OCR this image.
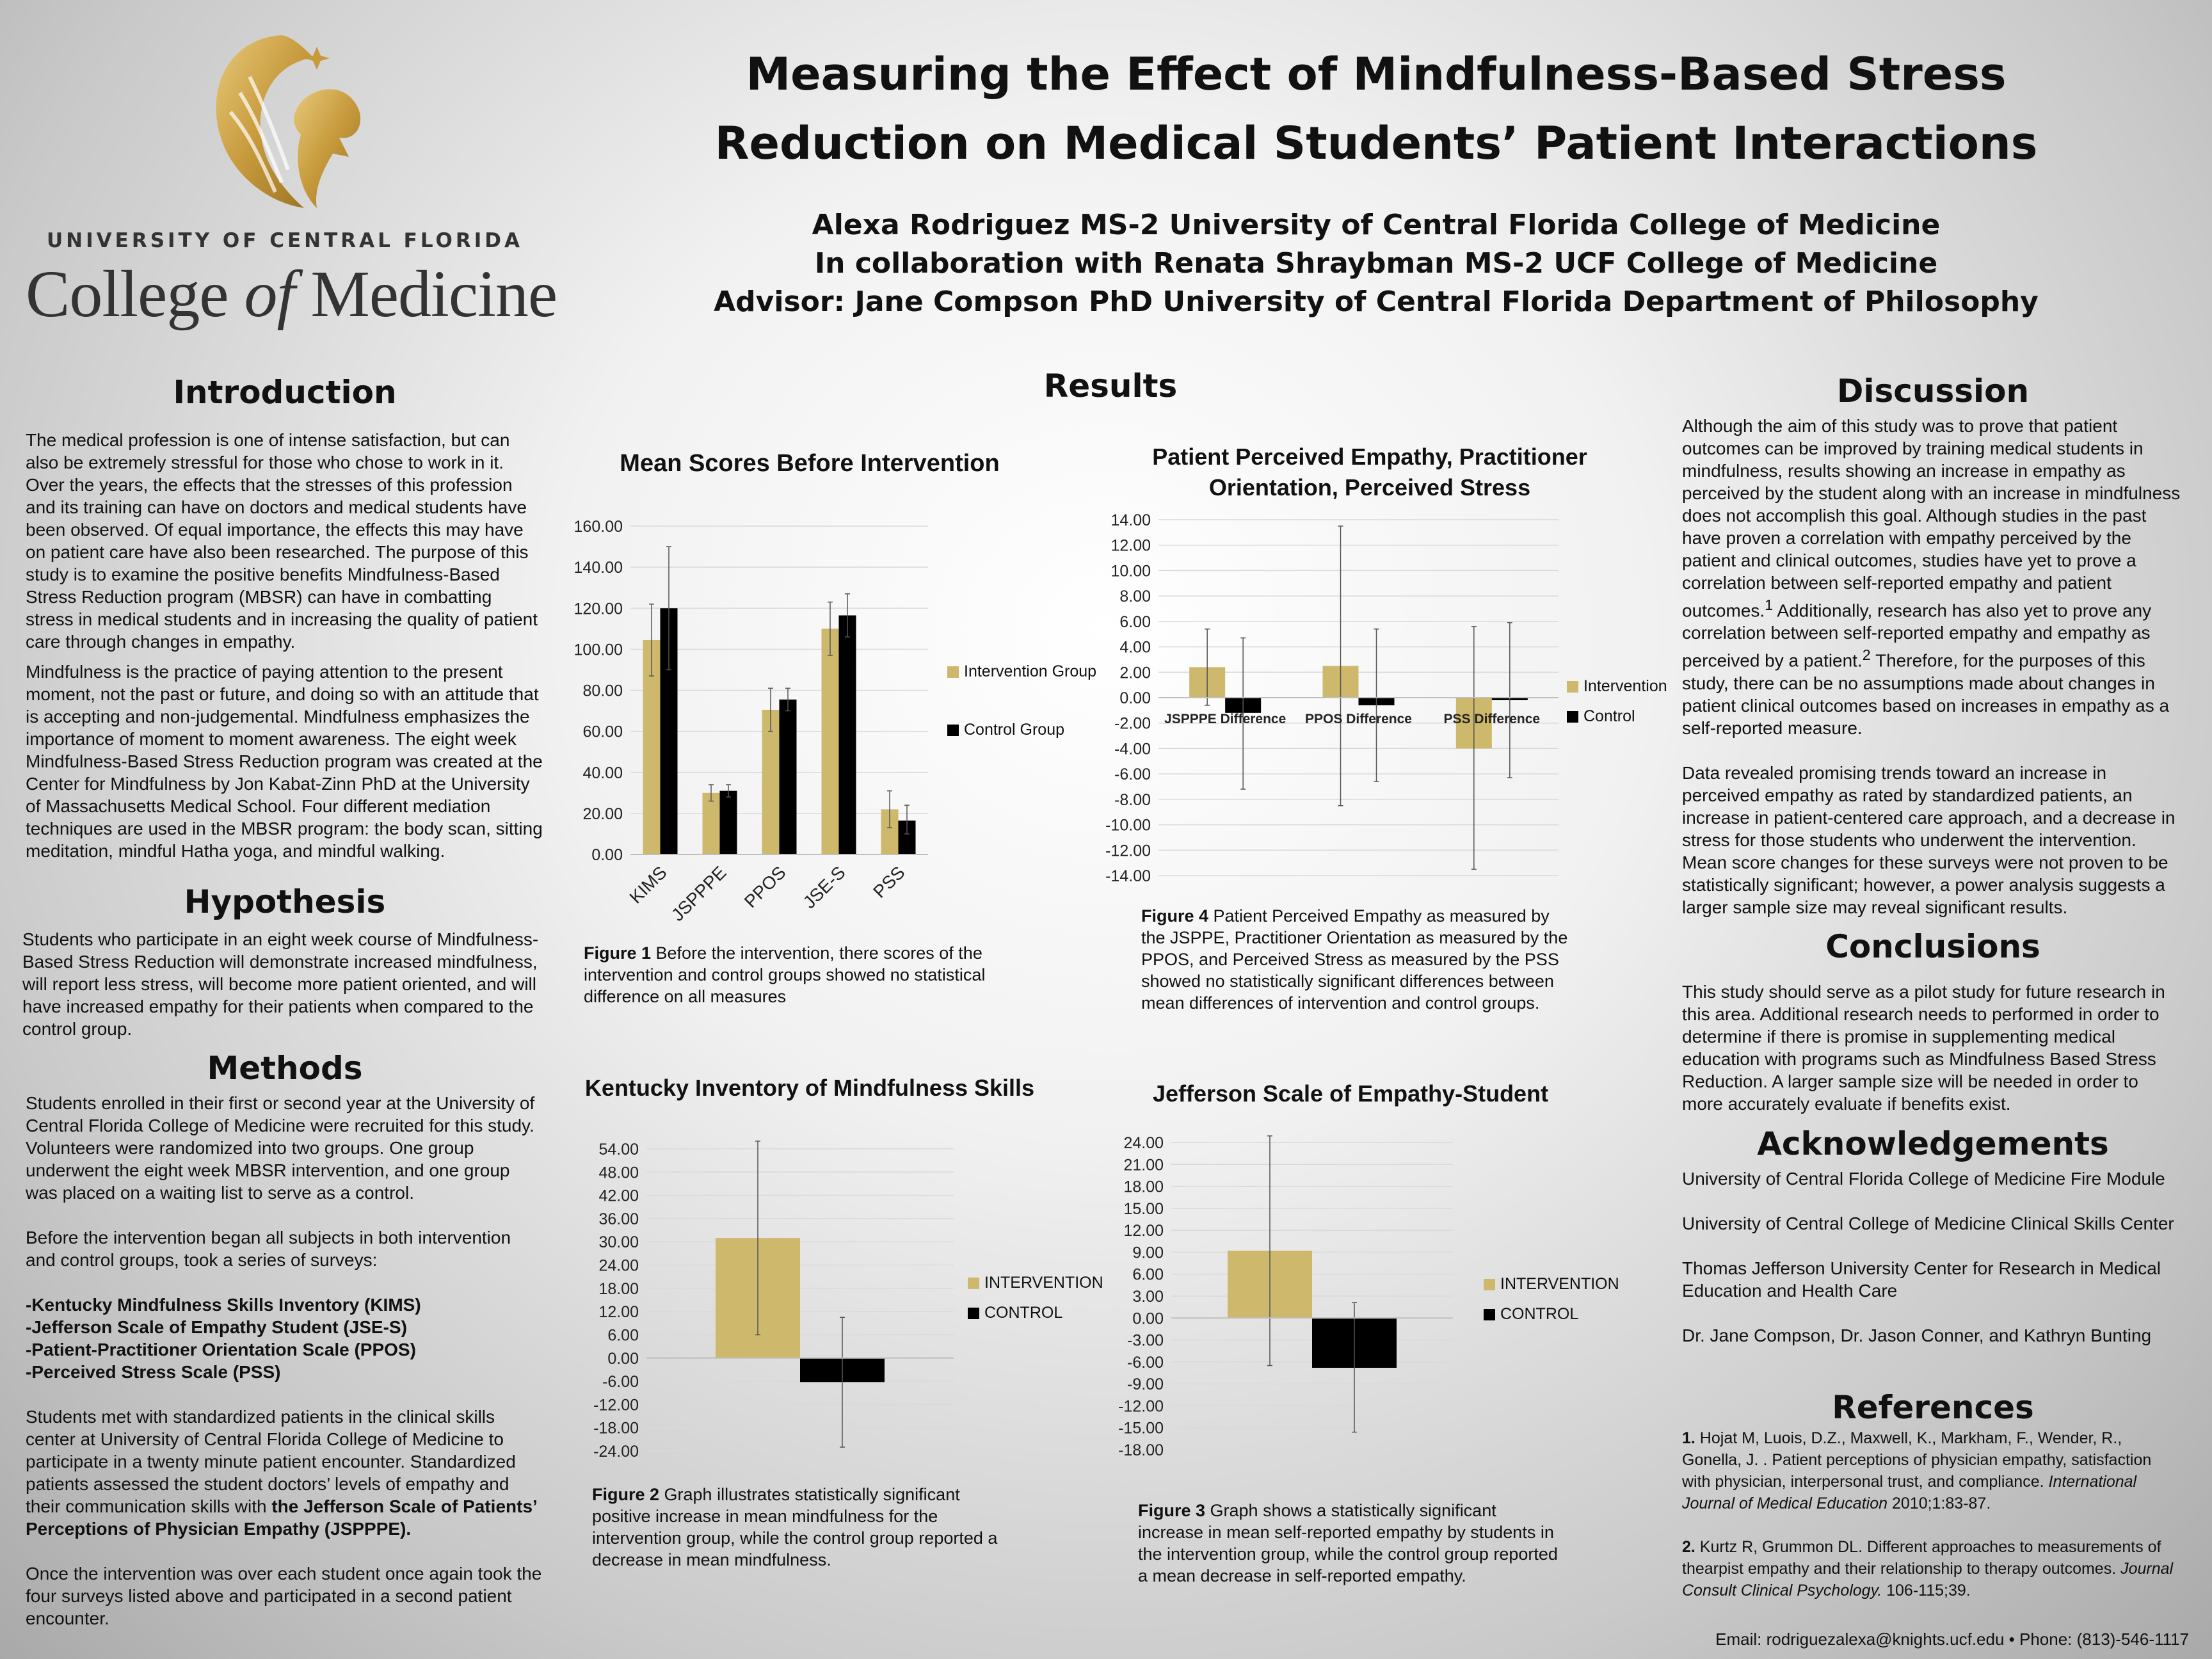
UNIVERSITY OF CENTRAL FLORIDA
College of Medicine
Measuring the Effect of Mindfulness-Based Stress
Reduction on Medical Students’ Patient Interactions
Alexa Rodriguez MS-2 University of Central Florida College of Medicine
In collaboration with Renata Shraybman MS-2 UCF College of Medicine
Advisor: Jane Compson PhD University of Central Florida Department of Philosophy
Introduction

The medical profession is one of intense satisfaction, but can also be extremely stressful for those who chose to work in it. Over the years, the effects that the stresses of this profession and its training can have on doctors and medical students have been observed. Of equal importance, the effects this may have on patient care have also been researched. The purpose of this study is to examine the positive benefits Mindfulness-Based Stress Reduction program (MBSR) can have in combatting stress in medical students and in increasing the quality of patient care through changes in empathy.

Mindfulness is the practice of paying attention to the present moment, not the past or future, and doing so with an attitude that is accepting and non-judgemental. Mindfulness emphasizes the importance of moment to moment awareness. The eight week Mindfulness-Based Stress Reduction program was created at the Center for Mindfulness by Jon Kabat-Zinn PhD at the University of Massachusetts Medical School. Four different mediation techniques are used in the MBSR program: the body scan, sitting meditation, mindful Hatha yoga, and mindful walking.

Hypothesis

Students who participate in an eight week course of Mindfulness-Based Stress Reduction will demonstrate increased mindfulness, will report less stress, will become more patient oriented, and will have increased empathy for their patients when compared to the control group.

Methods

Students enrolled in their first or second year at the University of Central Florida College of Medicine were recruited for this study. Volunteers were randomized into two groups. One group underwent the eight week MBSR intervention, and one group was placed on a waiting list to serve as a control.

Before the intervention began all subjects in both intervention and control groups, took a series of surveys:

-Kentucky Mindfulness Skills Inventory (KIMS)
-Jefferson Scale of Empathy Student (JSE-S)
-Patient-Practitioner Orientation Scale (PPOS)
-Perceived Stress Scale (PSS)

Students met with standardized patients in the clinical skills center at University of Central Florida College of Medicine to participate in a twenty minute patient encounter. Standardized patients assessed the student doctors’ levels of empathy and their communication skills with the Jefferson Scale of Patients’ Perceptions of Physician Empathy (JSPPPE).

Once the intervention was over each student once again took the four surveys listed above and participated in a second patient encounter.

Results
Mean Scores Before Intervention
160.00
140.00
120.00
100.00
80.00
60.00
40.00
20.00
0.00
KIMS
JSPPPE PPOS JSE-S PSS
Intervention Group
Control Group
Figure 1 Before the intervention, there scores of the intervention and control groups showed no statistical difference on all measures
Patient Perceived Empathy, Practitioner Orientation, Perceived Stress
14.00
12.00
10.00
8.00
6.00
4.00
2.00
0.00
-2.00
-4.00
-6.00
-8.00
-10.00
-12.00
-14.00
JSPPPE Difference PPOS Difference PSS Difference
Intervention
Control
Figure 4 Patient Perceived Empathy as measured by the JSPPE, Practitioner Orientation as measured by the PPOS, and Perceived Stress as measured by the PSS showed no statistically significant differences between mean differences of intervention and control groups.
Kentucky Inventory of Mindfulness Skills
54.00
48.00
42.00
36.00
30.00
24.00
18.00
12.00
6.00
0.00
-6.00
-12.00
-18.00
-24.00
INTERVENTION
CONTROL
Figure 2 Graph illustrates statistically significant positive increase in mean mindfulness for the intervention group, while the control group reported a decrease in mean mindfulness.
Jefferson Scale of Empathy-Student
24.00
21.00
18.00
15.00
12.00
9.00
6.00
3.00
0.00
-3.00
-6.00
-9.00
-12.00
-15.00
-18.00
INTERVENTION
CONTROL
Figure 3 Graph shows a statistically significant increase in mean self-reported empathy by students in the intervention group, while the control group reported a mean decrease in self-reported empathy.
Discussion

Although the aim of this study was to prove that patient outcomes can be improved by training medical students in mindfulness, results showing an increase in empathy as perceived by the student along with an increase in mindfulness does not accomplish this goal. Although studies in the past have proven a correlation with empathy perceived by the patient and clinical outcomes, studies have yet to prove a correlation between self-reported empathy and patient outcomes.$^1$ Additionally, research has also yet to prove any correlation between self-reported empathy and empathy as perceived by a patient.$^2$ Therefore, for the purposes of this study, there can be no assumptions made about changes in patient clinical outcomes based on increases in empathy as a self-reported measure.

Data revealed promising trends toward an increase in perceived empathy as rated by standardized patients, an increase in patient-centered care approach, and a decrease in stress for those students who underwent the intervention. Mean score changes for these surveys were not proven to be statistically significant; however, a power analysis suggests a larger sample size may reveal significant results.

Conclusions

This study should serve as a pilot study for future research in this area. Additional research needs to performed in order to determine if there is promise in supplementing medical education with programs such as Mindfulness Based Stress Reduction. A larger sample size will be needed in order to more accurately evaluate if benefits exist.

Acknowledgements

University of Central Florida College of Medicine Fire Module

University of Central College of Medicine Clinical Skills Center

Thomas Jefferson University Center for Research in Medical Education and Health Care

Dr. Jane Compson, Dr. Jason Conner, and Kathryn Bunting

References

1. Hojat M, Luois, D.Z., Maxwell, K., Markham, F., Wender, R., Gonella, J. . Patient perceptions of physician empathy, satisfaction with physician, interpersonal trust, and compliance. International Journal of Medical Education 2010;1:83-87.

2. Kurtz R, Grummon DL. Different approaches to measurements of thearpist empathy and their relationship to therapy outcomes. Journal Consult Clinical Psychology. 106-115;39.

Email: rodriguezalexa@knights.ucf.edu • Phone: (813)-546-1117
